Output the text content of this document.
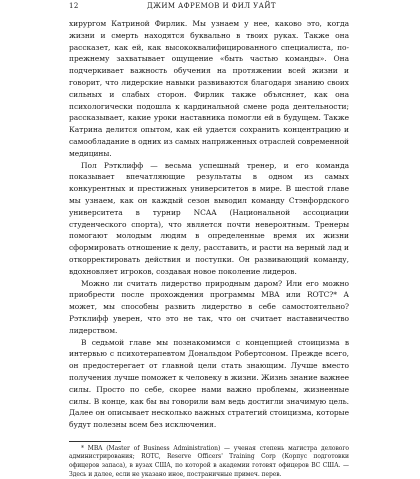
12	ДЖИМ АФРЕМОВ И ФИЛ УАЙТ

хирургом Катриной Фирлик. Мы узнаем у нее, каково это, когда жизни и смерть находятся буквально в твоих руках. Также она рассказет, как ей, как высококвалифицированного специалиста, по-прежнему захватывает ощущение «быть частью команды». Она подчеркивает важность обучения на протяжении всей жизни и говорит, что лидерские навыки развиваются благодаря знанию своих сильных и слабых сторон. Фирлик также объясняет, как она психологически подошла к кардинальной смене рода деятельности; рассказывает, какие уроки наставника помогли ей в будущем. Также Катрина делится опытом, как ей удается сохранить концентрацию и самообладание в одних из самых напряженных отраслей современной медицины.

Пол Рэтклифф — весьма успешный тренер, и его команда показывает впечатляющие результаты в одном из самых конкурентных и престижных университетов в мире. В шестой главе мы узнаем, как он каждый сезон выводил команду Стэнфордского университета в турнир NCAA (Национальной ассоциации студенческого спорта), что является почти невероятным. Тренеры помогают молодым людям в определенные время их жизни сформировать отношение к делу, расставить, и расти на верный лад и откорректировать действия и поступки. Он развивающий команду, вдохновляет игроков, создавая новое поколение лидеров.

Можно ли считать лидерство природным даром? Или его можно приобрести после прохождения программы MBA или ROTC?* А может, мы способны развить лидерство в себе самостоятельно? Рэтклифф уверен, что это не так, что он считает наставничество лидерством.

В седьмой главе мы познакомимся с концепцией стоицизма в интервью с психотерапевтом Дональдом Робертсоном. Прежде всего, он предостерегает от главной цели стать знающим. Лучше вместо получения лучше поможет к человеку в жизни. Жизнь знание важнее силы. Просто по себе, скорее нами важно проблемы, жизненные силы. В конце, как бы вы говорили вам ведь достигли значимую цель. Далее он описывает несколько важных стратегий стоицизма, которые будут полезны всем без исключения.

* MBA (Master of Business Administration) — ученая степень магистра делового администрирования; ROTC, Reserve Officers' Training Corp (Корпус подготовки офицеров запаса), в вузах США, по которой в академии готовят офицеров ВС США. — Здесь и далее, если не указано иное, постраничные примеч. перев.
